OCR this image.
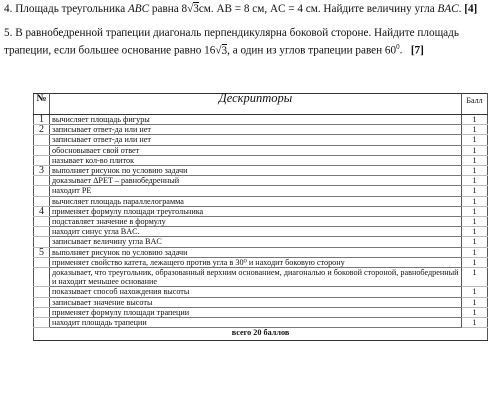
4. Площадь треугольника ABC равна 8√3см. AB = 8 см, AC = 4 см. Найдите величину угла BAC. [4]
5. В равнобедренной трапеции диагональ перпендикулярна боковой стороне. Найдите площадь
трапеции, если большее основание равно 16√3, а один из углов трапеции равен $60^0$. [7]
№	Дескрипторы	Балл
1	вычисляет площадь фигуры	1
2	записывает ответ-да или нет	1
	записывает ответ-да или нет	1
	обосновывает свой ответ	1
	называет кол-во плиток	1
3	выполняет рисунок по условию задачи	1
	доказывает ΔPET – равнобедренный	1
	находит PE	1
	вычисляет площадь параллелограмма	1
4	применяет формулу площади треугольника	1
	подставляет значение в формулу	1
	находит синус угла BAC.	1
	записывает величину угла BAC	1
5	выполняет рисунок по условию задачи	1
	применяет свойство катета, лежащего против угла в 30⁰ и находит боковую сторону	1
	доказывает, что треугольник, образованный верхним основанием, диагональю и боковой стороной, равнобедренный и находит меньшее основание	1
	показывает способ нахождения высоты	1
	записывает значение высоты	1
	применяет формулу площади трапеции	1
	находит площадь трапеции	1
всего 20 баллов		
